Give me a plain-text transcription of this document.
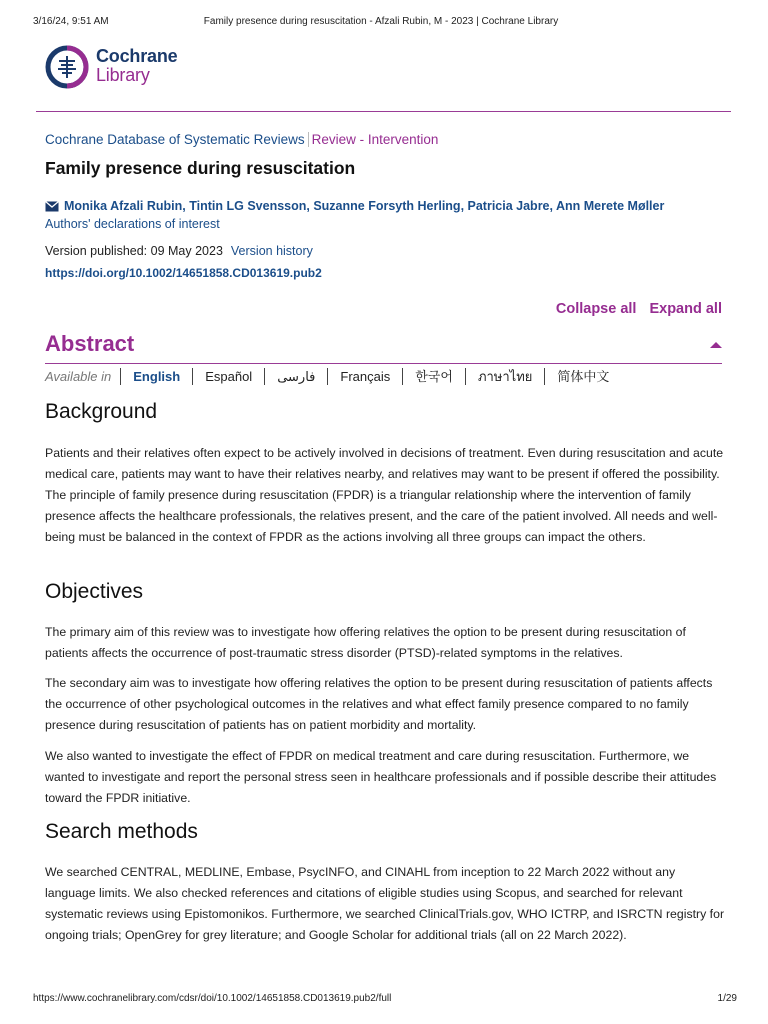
3/16/24, 9:51 AM	Family presence during resuscitation - Afzali Rubin, M - 2023 | Cochrane Library
Cochrane
Library
Cochrane Database of Systematic Reviews Review - Intervention
Family presence during resuscitation
Monika Afzali Rubin, Tintin LG Svensson, Suzanne Forsyth Herling, Patricia Jabre, Ann Merete Møller
Authors' declarations of interest
Version published: 09 May 2023 Version history
https://doi.org/10.1002/14651858.CD013619.pub2
Collapse all Expand all
Abstract
Available in	English	Español	فارسی	Français	한국어	ภาษาไทย	简体中文
Background

Patients and their relatives often expect to be actively involved in decisions of treatment. Even during resuscitation and acute medical care, patients may want to have their relatives nearby, and relatives may want to be present if offered the possibility. The principle of family presence during resuscitation (FPDR) is a triangular relationship where the intervention of family presence affects the healthcare professionals, the relatives present, and the care of the patient involved. All needs and well-being must be balanced in the context of FPDR as the actions involving all three groups can impact the others.

Objectives

The primary aim of this review was to investigate how offering relatives the option to be present during resuscitation of patients affects the occurrence of post-traumatic stress disorder (PTSD)-related symptoms in the relatives.

The secondary aim was to investigate how offering relatives the option to be present during resuscitation of patients affects the occurrence of other psychological outcomes in the relatives and what effect family presence compared to no family presence during resuscitation of patients has on patient morbidity and mortality.

We also wanted to investigate the effect of FPDR on medical treatment and care during resuscitation. Furthermore, we wanted to investigate and report the personal stress seen in healthcare professionals and if possible describe their attitudes toward the FPDR initiative.

Search methods

We searched CENTRAL, MEDLINE, Embase, PsycINFO, and CINAHL from inception to 22 March 2022 without any language limits. We also checked references and citations of eligible studies using Scopus, and searched for relevant systematic reviews using Epistomonikos. Furthermore, we searched ClinicalTrials.gov, WHO ICTRP, and ISRCTN registry for ongoing trials; OpenGrey for grey literature; and Google Scholar for additional trials (all on 22 March 2022).

https://www.cochranelibrary.com/cdsr/doi/10.1002/14651858.CD013619.pub2/full	1/29
